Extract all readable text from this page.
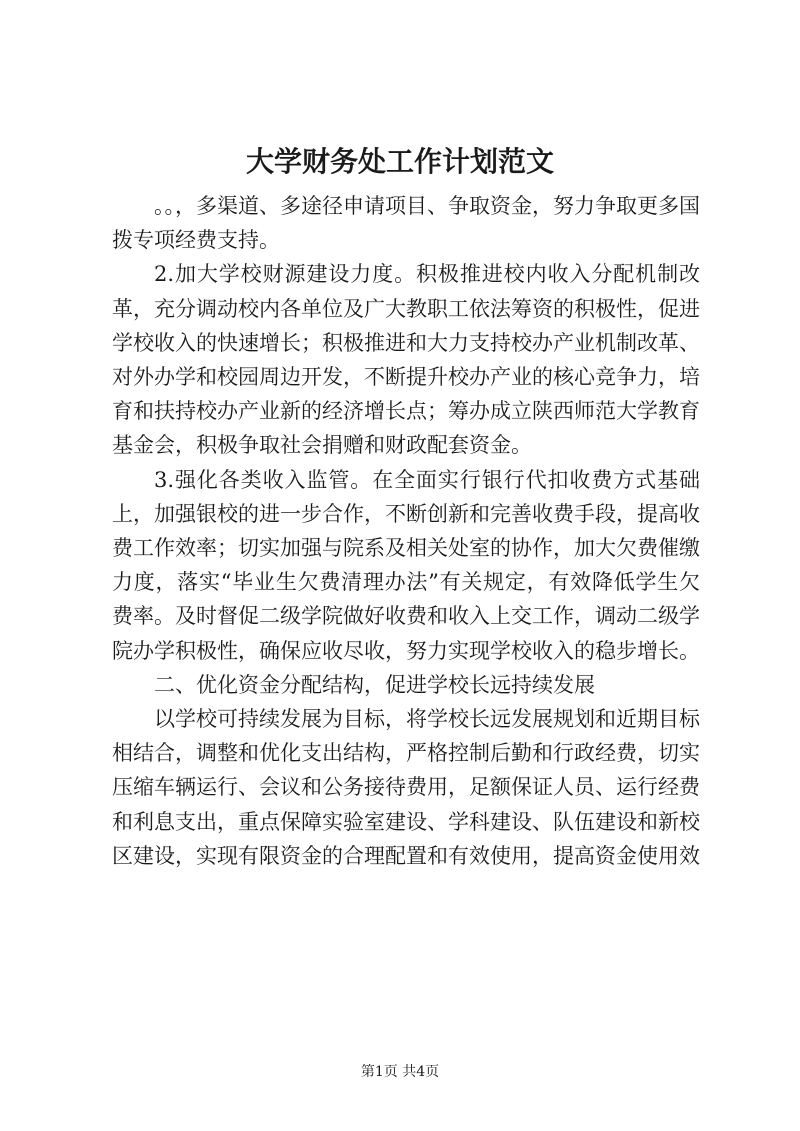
大学财务处工作计划范文

。。，多渠道、多途径申请项目、争取资金，努力争取更多国拨专项经费支持。

2.加大学校财源建设力度。积极推进校内收入分配机制改革，充分调动校内各单位及广大教职工依法筹资的积极性，促进学校收入的快速增长；积极推进和大力支持校办产业机制改革、对外办学和校园周边开发，不断提升校办产业的核心竞争力，培育和扶持校办产业新的经济增长点；筹办成立陕西师范大学教育基金会，积极争取社会捐赠和财政配套资金。

3.强化各类收入监管。在全面实行银行代扣收费方式基础上，加强银校的进一步合作，不断创新和完善收费手段，提高收费工作效率；切实加强与院系及相关处室的协作，加大欠费催缴力度，落实“毕业生欠费清理办法”有关规定，有效降低学生欠费率。及时督促二级学院做好收费和收入上交工作，调动二级学院办学积极性，确保应收尽收，努力实现学校收入的稳步增长。

二、优化资金分配结构，促进学校长远持续发展

以学校可持续发展为目标，将学校长远发展规划和近期目标相结合，调整和优化支出结构，严格控制后勤和行政经费，切实压缩车辆运行、会议和公务接待费用，足额保证人员、运行经费和利息支出，重点保障实验室建设、学科建设、队伍建设和新校区建设，实现有限资金的合理配置和有效使用，提高资金使用效

第1页 共4页
